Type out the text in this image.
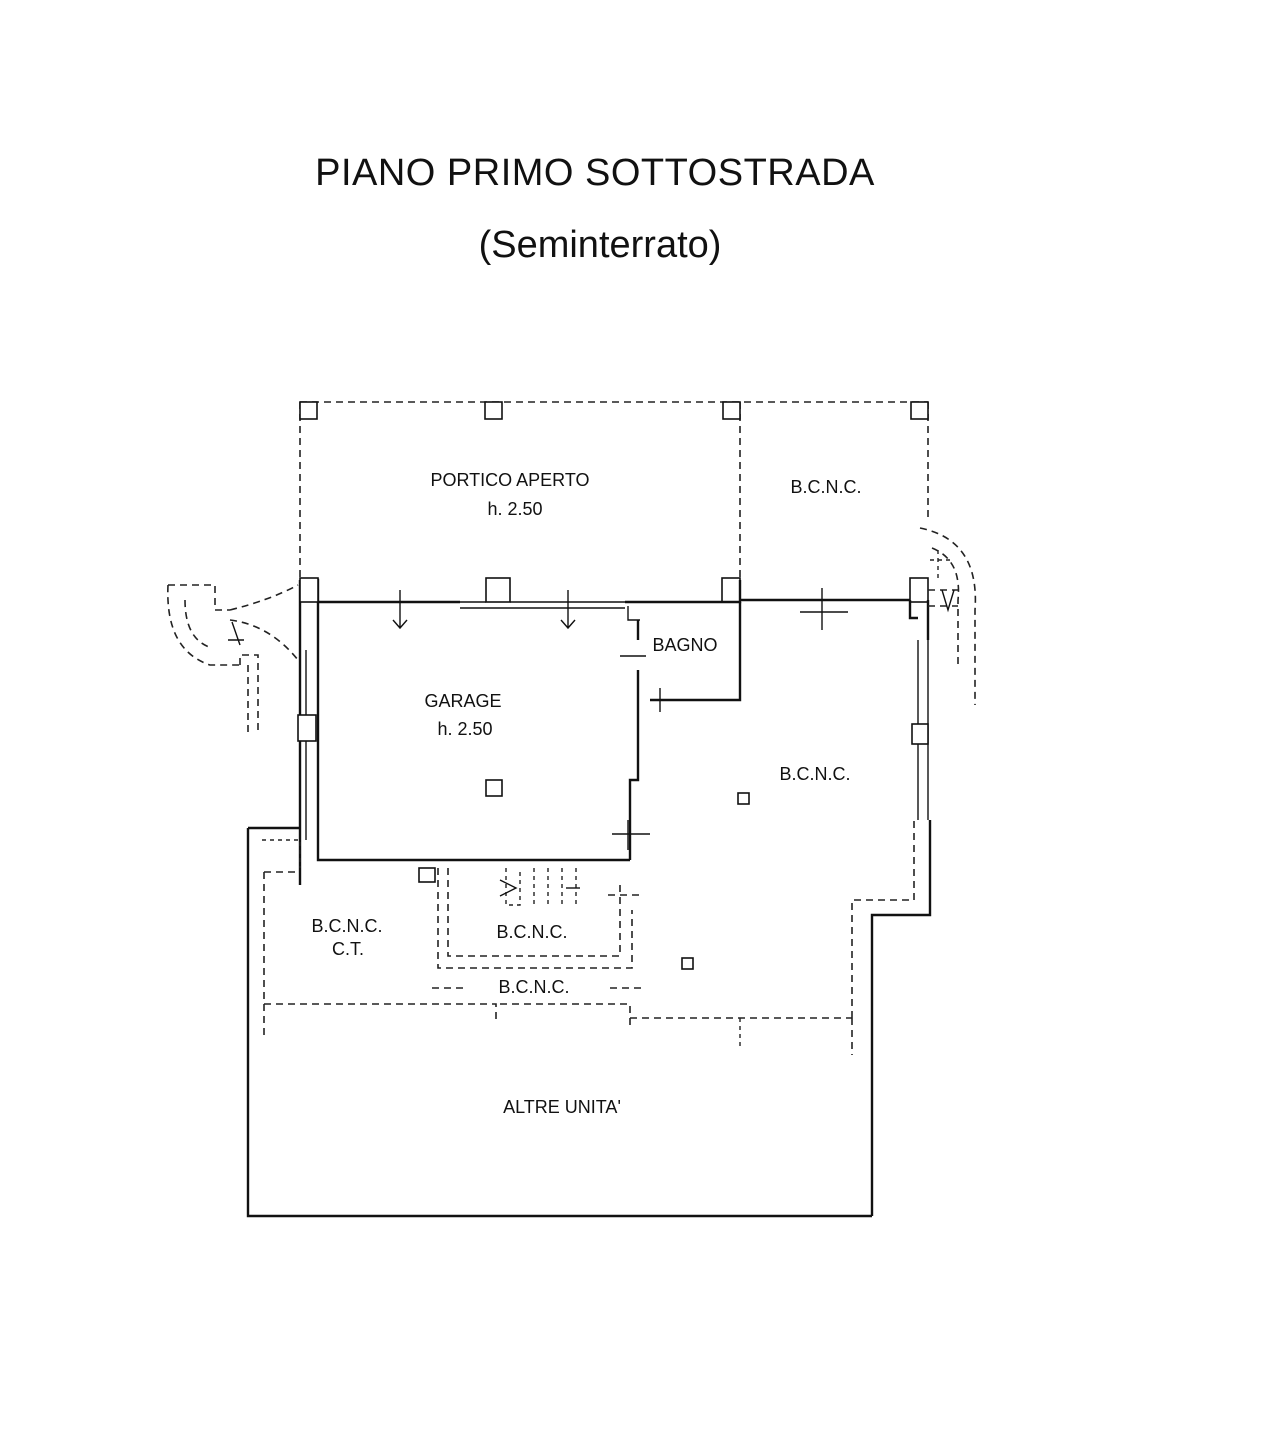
PIANO PRIMO SOTTOSTRADA
(Seminterrato)
PORTICO APERTO
h. 2.50
B.C.N.C.
BAGNO
GARAGE
h. 2.50
B.C.N.C.
B.C.N.C.
C.T.
B.C.N.C.
B.C.N.C.
ALTRE UNITA'
